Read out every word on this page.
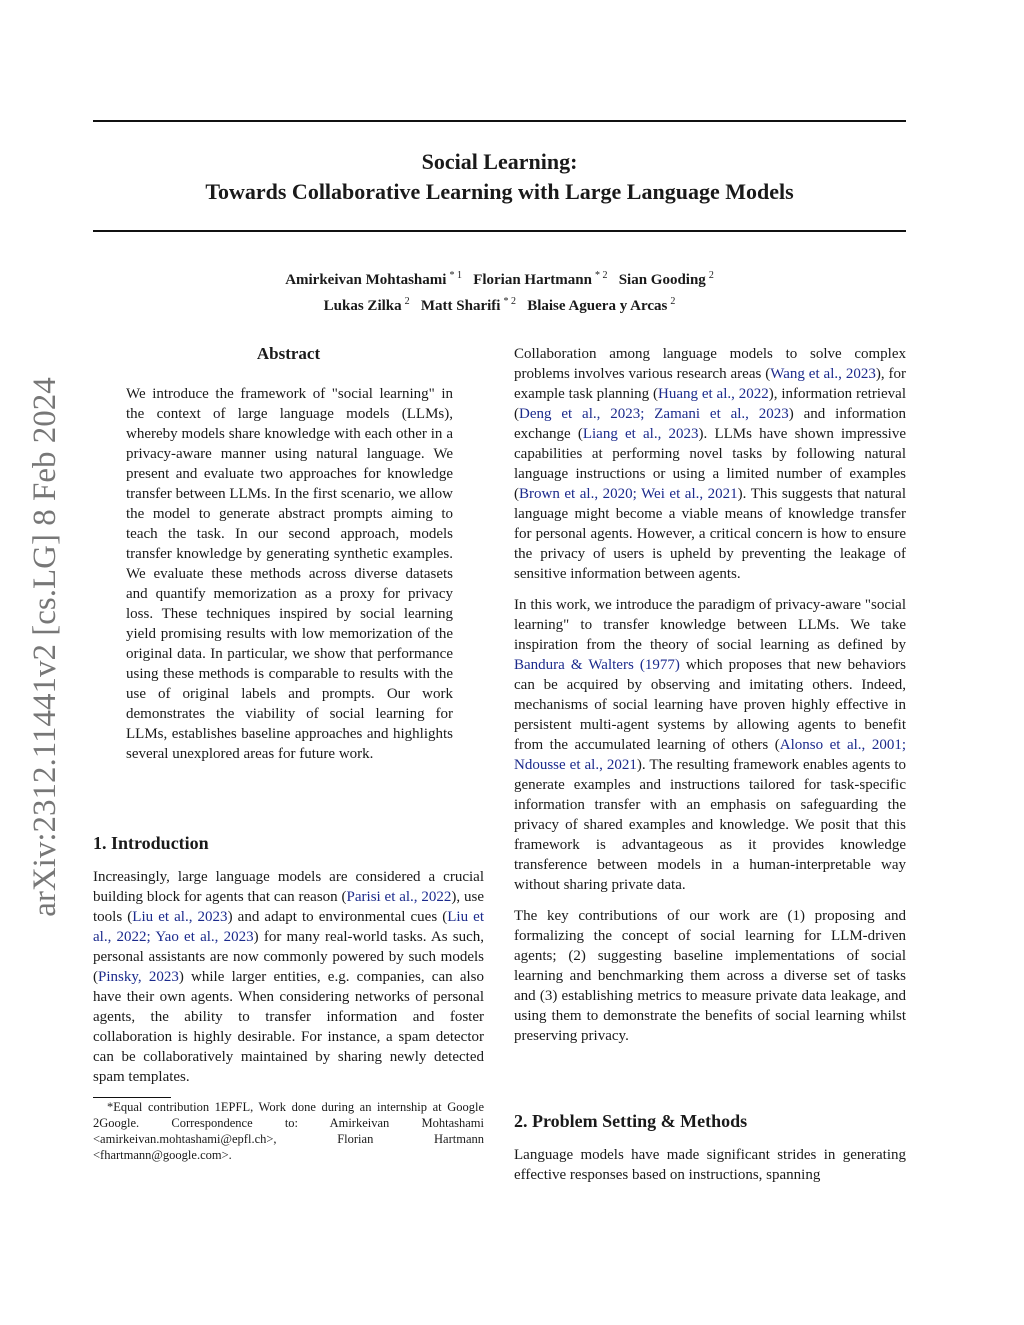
arXiv:2312.11441v2 [cs.LG] 8 Feb 2024
Social Learning:
Towards Collaborative Learning with Large Language Models
Amirkeivan Mohtashami $^{* 1}$ Florian Hartmann $^{* 2}$ Sian Gooding $^2$
Lukas Zilka $^2$ Matt Sharifi $^{* 2}$ Blaise Aguera y Arcas $^2$
Abstract

We introduce the framework of "social learning" in the context of large language models (LLMs), whereby models share knowledge with each other in a privacy-aware manner using natural language. We present and evaluate two approaches for knowledge transfer between LLMs. In the first scenario, we allow the model to generate abstract prompts aiming to teach the task. In our second approach, models transfer knowledge by generating synthetic examples. We evaluate these methods across diverse datasets and quantify memorization as a proxy for privacy loss. These techniques inspired by social learning yield promising results with low memorization of the original data. In particular, we show that performance using these methods is comparable to results with the use of original labels and prompts. Our work demonstrates the viability of social learning for LLMs, establishes baseline approaches and highlights several unexplored areas for future work.

1. Introduction

Increasingly, large language models are considered a crucial building block for agents that can reason (Parisi et al., 2022), use tools (Liu et al., 2023) and adapt to environmental cues (Liu et al., 2022; Yao et al., 2023) for many real-world tasks. As such, personal assistants are now commonly powered by such models (Pinsky, 2023) while larger entities, e.g. companies, can also have their own agents. When considering networks of personal agents, the ability to transfer information and foster collaboration is highly desirable. For instance, a spam detector can be collaboratively maintained by sharing newly detected spam templates.

*Equal contribution 1EPFL, Work done during an internship at Google 2Google. Correspondence to: Amirkeivan Mohtashami <amirkeivan.mohtashami@epfl.ch>, Florian Hartmann <fhartmann@google.com>.

Collaboration among language models to solve complex problems involves various research areas (Wang et al., 2023), for example task planning (Huang et al., 2022), information retrieval (Deng et al., 2023; Zamani et al., 2023) and information exchange (Liang et al., 2023). LLMs have shown impressive capabilities at performing novel tasks by following natural language instructions or using a limited number of examples (Brown et al., 2020; Wei et al., 2021). This suggests that natural language might become a viable means of knowledge transfer for personal agents. However, a critical concern is how to ensure the privacy of users is upheld by preventing the leakage of sensitive information between agents.

In this work, we introduce the paradigm of privacy-aware "social learning" to transfer knowledge between LLMs. We take inspiration from the theory of social learning as defined by Bandura & Walters (1977) which proposes that new behaviors can be acquired by observing and imitating others. Indeed, mechanisms of social learning have proven highly effective in persistent multi-agent systems by allowing agents to benefit from the accumulated learning of others (Alonso et al., 2001; Ndousse et al., 2021). The resulting framework enables agents to generate examples and instructions tailored for task-specific information transfer with an emphasis on safeguarding the privacy of shared examples and knowledge. We posit that this framework is advantageous as it provides knowledge transference between models in a human-interpretable way without sharing private data.

The key contributions of our work are (1) proposing and formalizing the concept of social learning for LLM-driven agents; (2) suggesting baseline implementations of social learning and benchmarking them across a diverse set of tasks and (3) establishing metrics to measure private data leakage, and using them to demonstrate the benefits of social learning whilst preserving privacy.

2. Problem Setting & Methods

Language models have made significant strides in generating effective responses based on instructions, spanning
